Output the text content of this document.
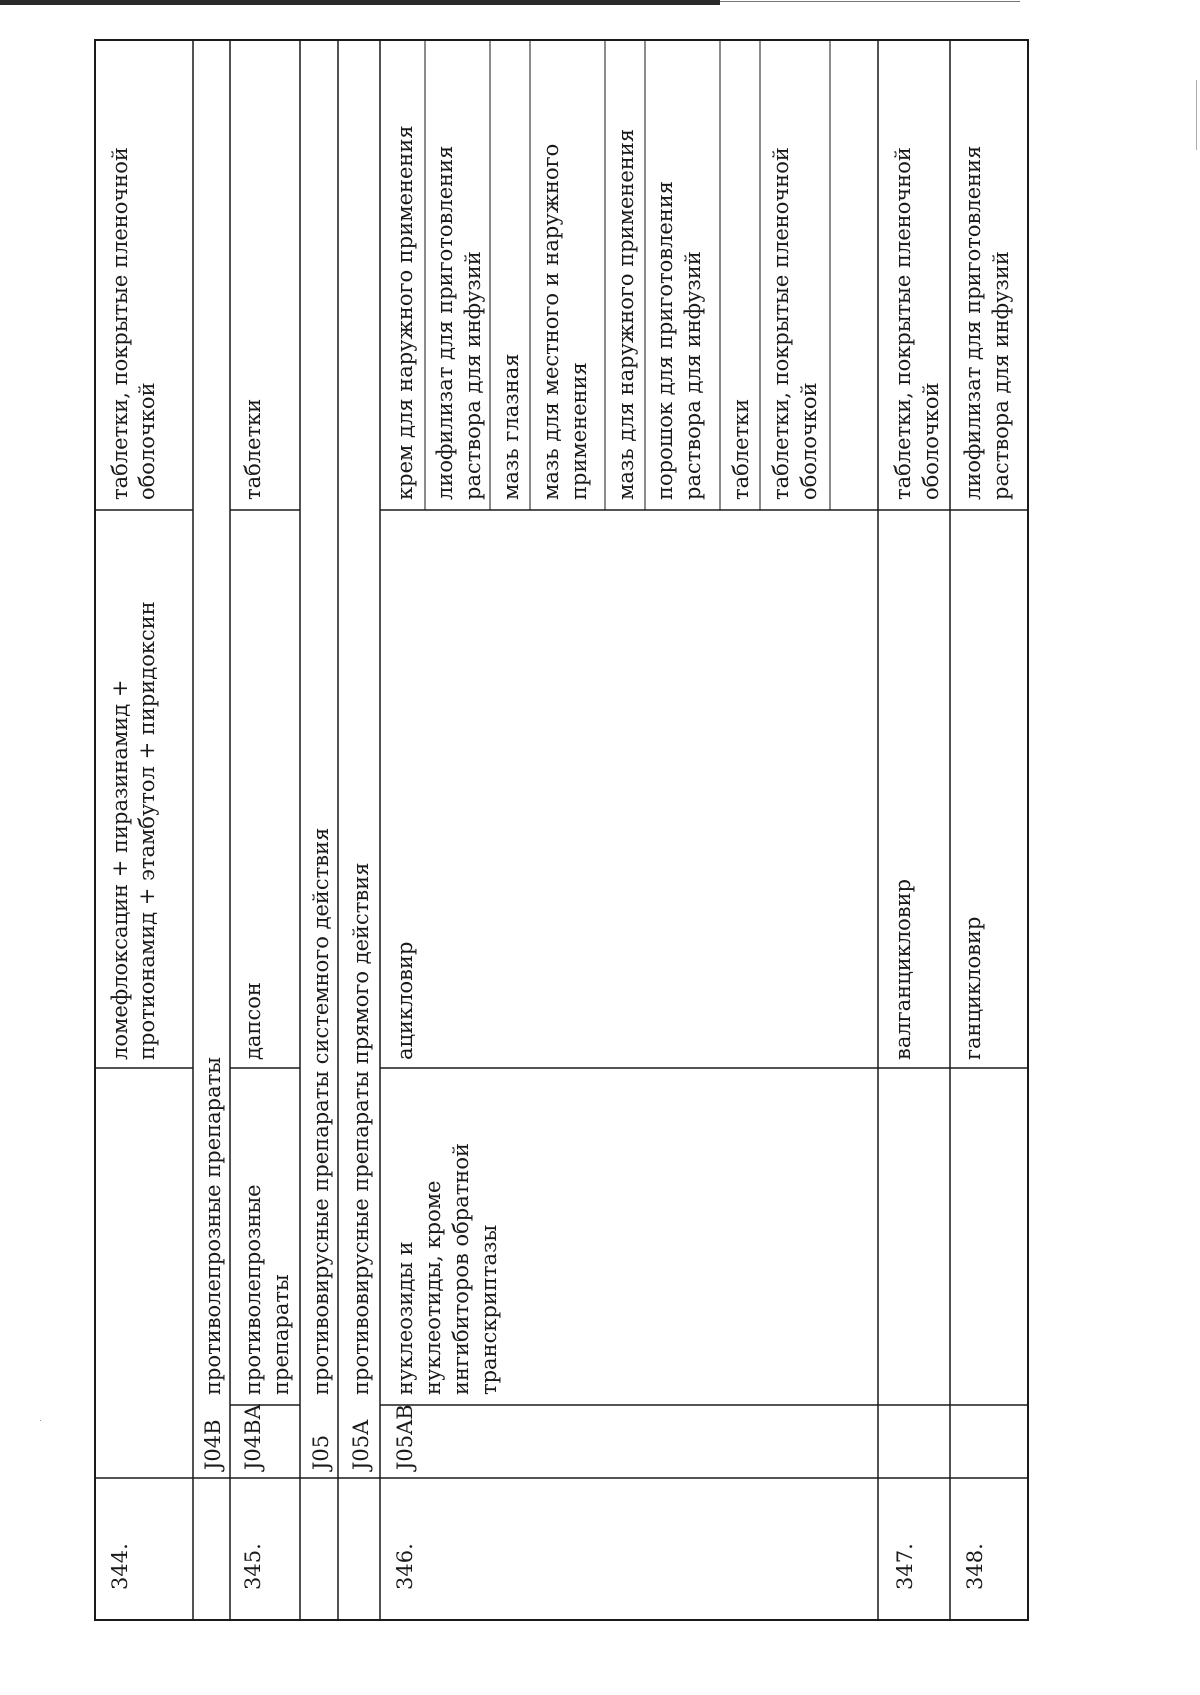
344.
ломефлоксацин + пиразинамид + протионамид + этамбутол + пиридоксин
таблетки, покрытые пленочной оболочкой
J04B
противолепрозные препараты
345.
J04BA
противолепрозные препараты
дапсон
таблетки
J05
противовирусные препараты системного действия
J05A
противовирусные препараты прямого действия
346.
J05AB
нуклеозиды и нуклеотиды, кроме ингибиторов обратной транскриптазы
ацикловир
крем для наружного применения лиофилизат для приготовления раствора для инфузий мазь глазная мазь для местного и наружного применения мазь для наружного применения порошок для приготовления раствора для инфузий таблетки таблетки, покрытые пленочной оболочкой
347.
валганцикловир
таблетки, покрытые пленочной оболочкой
348.
ганцикловир
лиофилизат для приготовления раствора для инфузий
